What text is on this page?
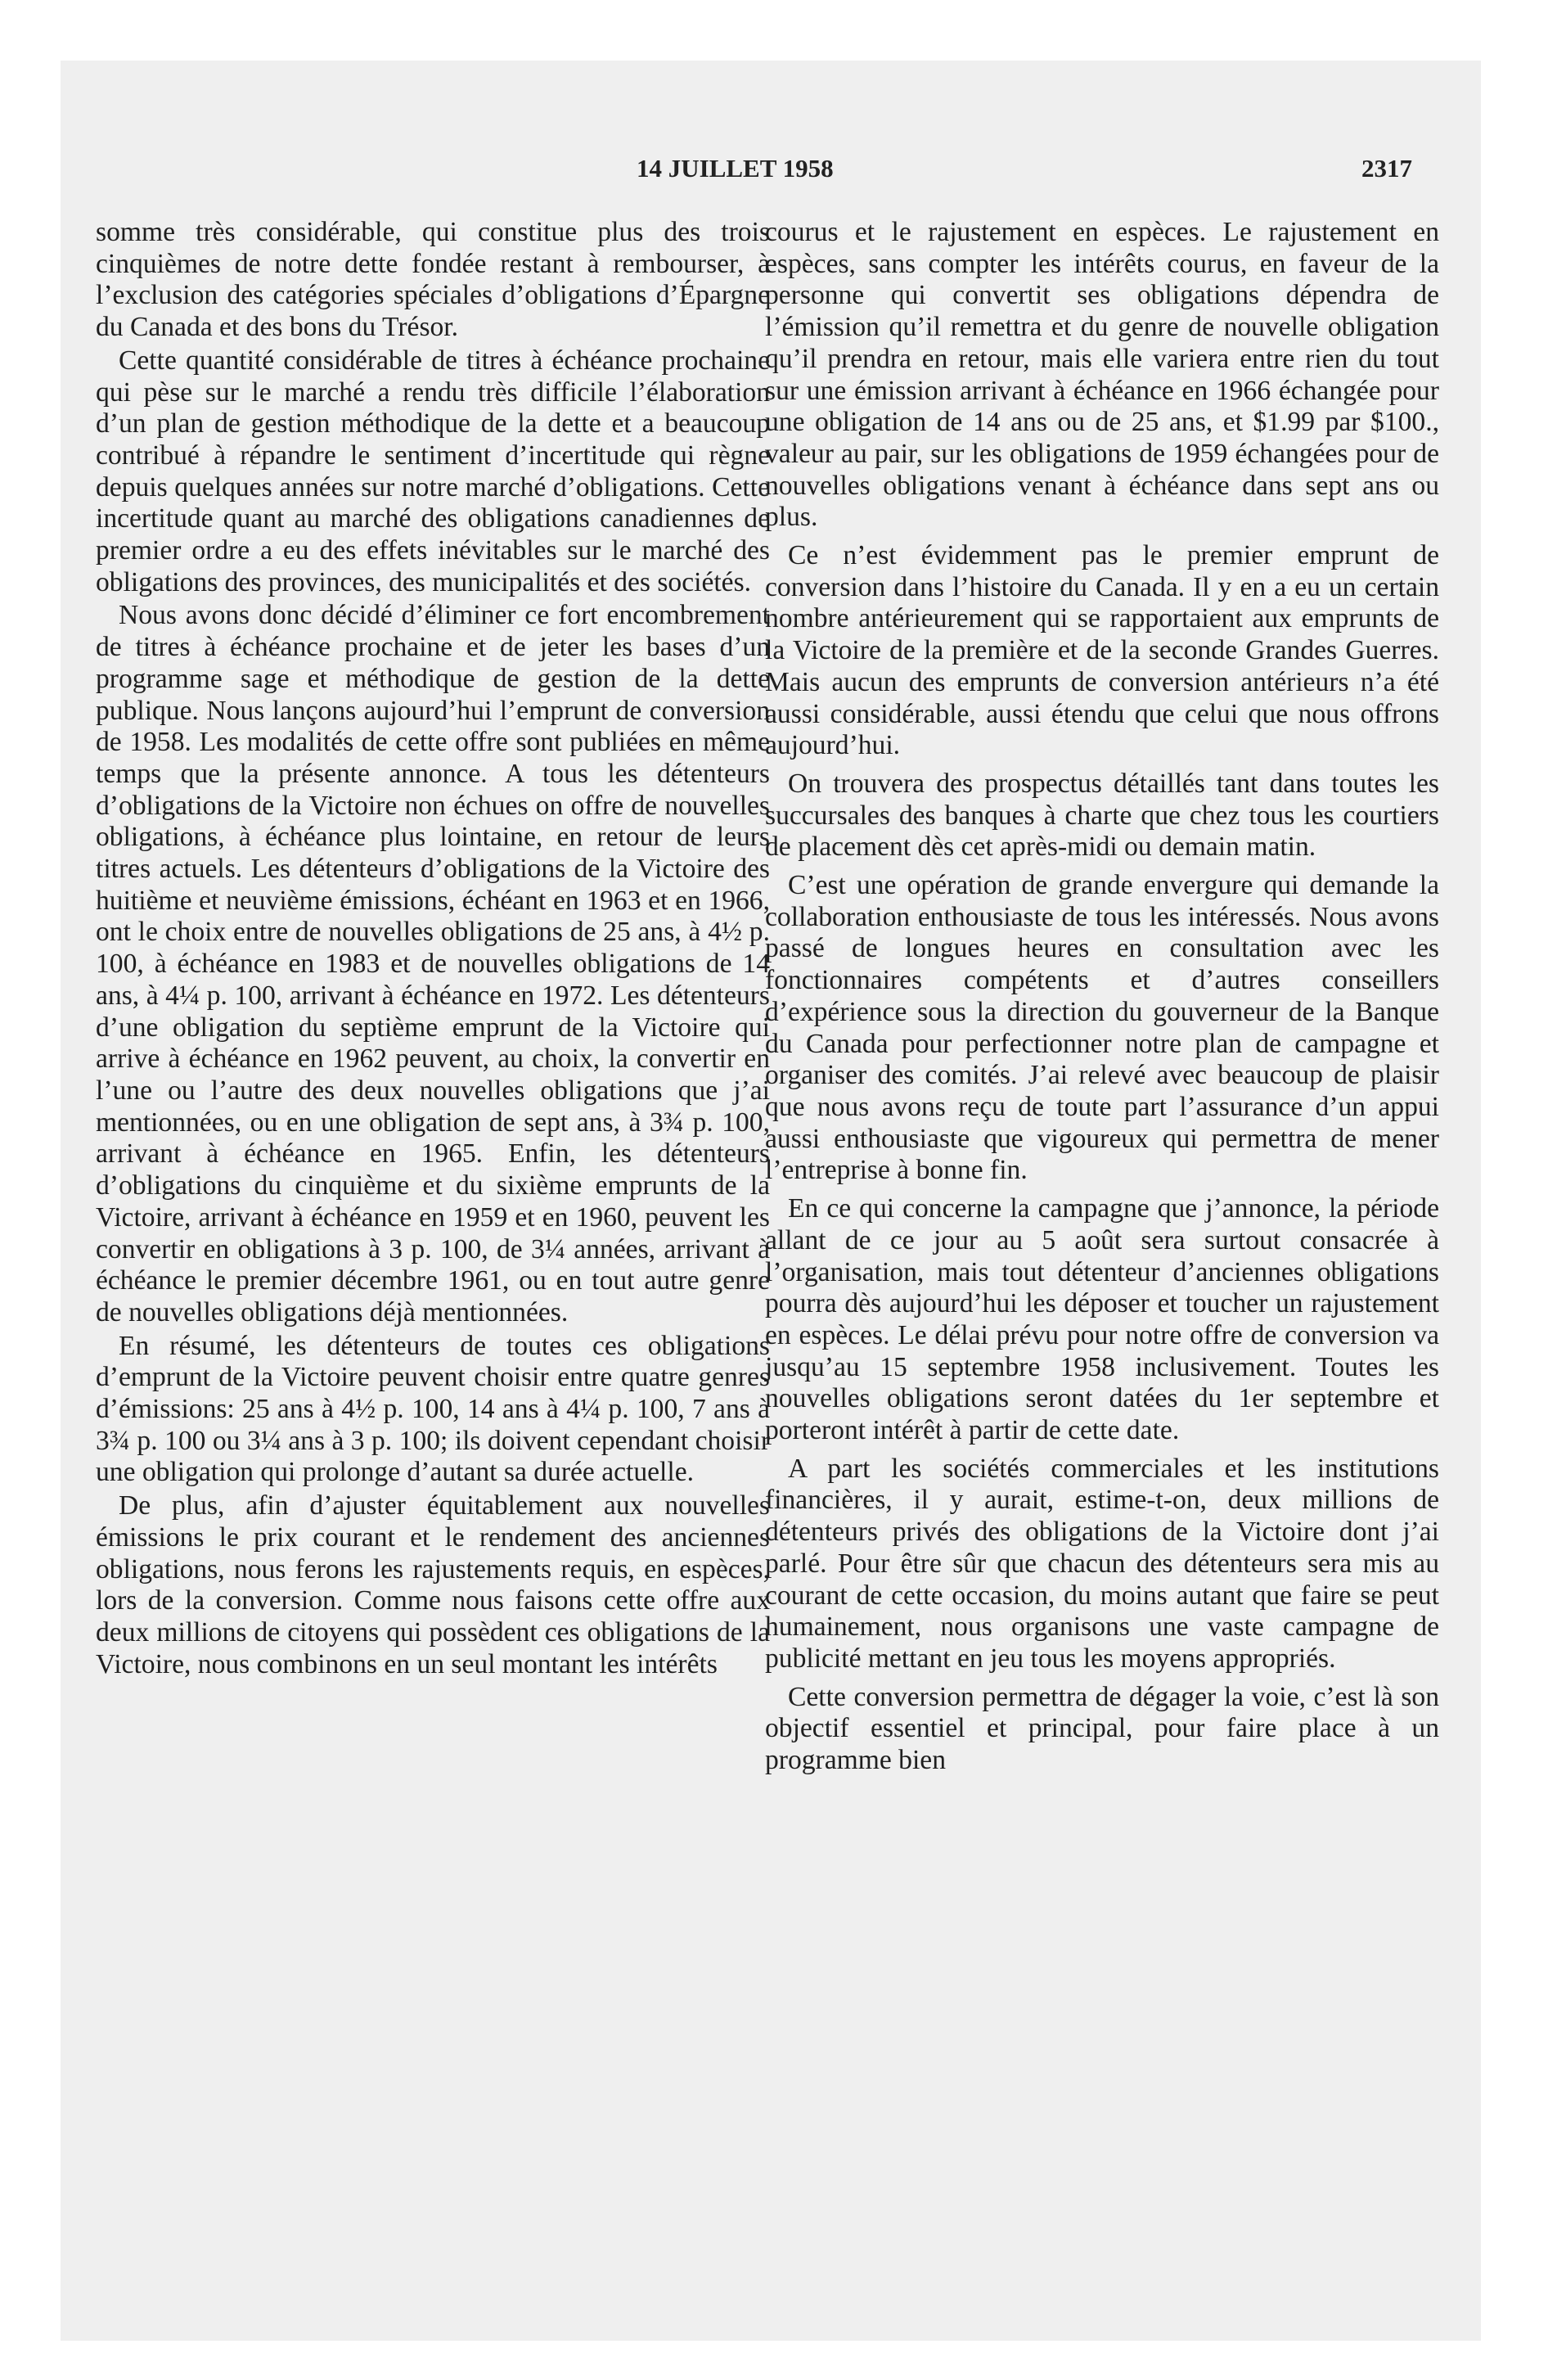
14 JUILLET 1958	2317

somme très considérable, qui constitue plus des trois cinquièmes de notre dette fondée restant à rembourser, à l’exclusion des catégories spéciales d’obligations d’Épargne du Canada et des bons du Trésor.

Cette quantité considérable de titres à échéance prochaine qui pèse sur le marché a rendu très difficile l’élaboration d’un plan de gestion méthodique de la dette et a beaucoup contribué à répandre le sentiment d’incertitude qui règne depuis quelques années sur notre marché d’obligations. Cette incertitude quant au marché des obligations canadiennes de premier ordre a eu des effets inévitables sur le marché des obligations des provinces, des municipalités et des sociétés.

Nous avons donc décidé d’éliminer ce fort encombrement de titres à échéance prochaine et de jeter les bases d’un programme sage et méthodique de gestion de la dette publique. Nous lançons aujourd’hui l’emprunt de conversion de 1958. Les modalités de cette offre sont publiées en même temps que la présente annonce. A tous les détenteurs d’obligations de la Victoire non échues on offre de nouvelles obligations, à échéance plus lointaine, en retour de leurs titres actuels. Les détenteurs d’obligations de la Victoire des huitième et neuvième émissions, échéant en 1963 et en 1966, ont le choix entre de nouvelles obligations de 25 ans, à 4½ p. 100, à échéance en 1983 et de nouvelles obligations de 14 ans, à 4¼ p. 100, arrivant à échéance en 1972. Les détenteurs d’une obligation du septième emprunt de la Victoire qui arrive à échéance en 1962 peuvent, au choix, la convertir en l’une ou l’autre des deux nouvelles obligations que j’ai mentionnées, ou en une obligation de sept ans, à 3¾ p. 100, arrivant à échéance en 1965. Enfin, les détenteurs d’obligations du cinquième et du sixième emprunts de la Victoire, arrivant à échéance en 1959 et en 1960, peuvent les convertir en obligations à 3 p. 100, de 3¼ années, arrivant à échéance le premier décembre 1961, ou en tout autre genre de nouvelles obligations déjà mentionnées.

En résumé, les détenteurs de toutes ces obligations d’emprunt de la Victoire peuvent choisir entre quatre genres d’émissions: 25 ans à 4½ p. 100, 14 ans à 4¼ p. 100, 7 ans à 3¾ p. 100 ou 3¼ ans à 3 p. 100; ils doivent cependant choisir une obligation qui prolonge d’autant sa durée actuelle.

De plus, afin d’ajuster équitablement aux nouvelles émissions le prix courant et le rendement des anciennes obligations, nous ferons les rajustements requis, en espèces, lors de la conversion. Comme nous faisons cette offre aux deux millions de citoyens qui possèdent ces obligations de la Victoire, nous combinons en un seul montant les intérêts

courus et le rajustement en espèces. Le rajustement en espèces, sans compter les intérêts courus, en faveur de la personne qui convertit ses obligations dépendra de l’émission qu’il remettra et du genre de nouvelle obligation qu’il prendra en retour, mais elle variera entre rien du tout sur une émission arrivant à échéance en 1966 échangée pour une obligation de 14 ans ou de 25 ans, et $1.99 par $100., valeur au pair, sur les obligations de 1959 échangées pour de nouvelles obligations venant à échéance dans sept ans ou plus.

Ce n’est évidemment pas le premier emprunt de conversion dans l’histoire du Canada. Il y en a eu un certain nombre antérieurement qui se rapportaient aux emprunts de la Victoire de la première et de la seconde Grandes Guerres. Mais aucun des emprunts de conversion antérieurs n’a été aussi considérable, aussi étendu que celui que nous offrons aujourd’hui.

On trouvera des prospectus détaillés tant dans toutes les succursales des banques à charte que chez tous les courtiers de placement dès cet après-midi ou demain matin.

C’est une opération de grande envergure qui demande la collaboration enthousiaste de tous les intéressés. Nous avons passé de longues heures en consultation avec les fonctionnaires compétents et d’autres conseillers d’expérience sous la direction du gouverneur de la Banque du Canada pour perfectionner notre plan de campagne et organiser des comités. J’ai relevé avec beaucoup de plaisir que nous avons reçu de toute part l’assurance d’un appui aussi enthousiaste que vigoureux qui permettra de mener l’entreprise à bonne fin.

En ce qui concerne la campagne que j’annonce, la période allant de ce jour au 5 août sera surtout consacrée à l’organisation, mais tout détenteur d’anciennes obligations pourra dès aujourd’hui les déposer et toucher un rajustement en espèces. Le délai prévu pour notre offre de conversion va jusqu’au 15 septembre 1958 inclusivement. Toutes les nouvelles obligations seront datées du 1er septembre et porteront intérêt à partir de cette date.

A part les sociétés commerciales et les institutions financières, il y aurait, estime-t-on, deux millions de détenteurs privés des obligations de la Victoire dont j’ai parlé. Pour être sûr que chacun des détenteurs sera mis au courant de cette occasion, du moins autant que faire se peut humainement, nous organisons une vaste campagne de publicité mettant en jeu tous les moyens appropriés.

Cette conversion permettra de dégager la voie, c’est là son objectif essentiel et principal, pour faire place à un programme bien
